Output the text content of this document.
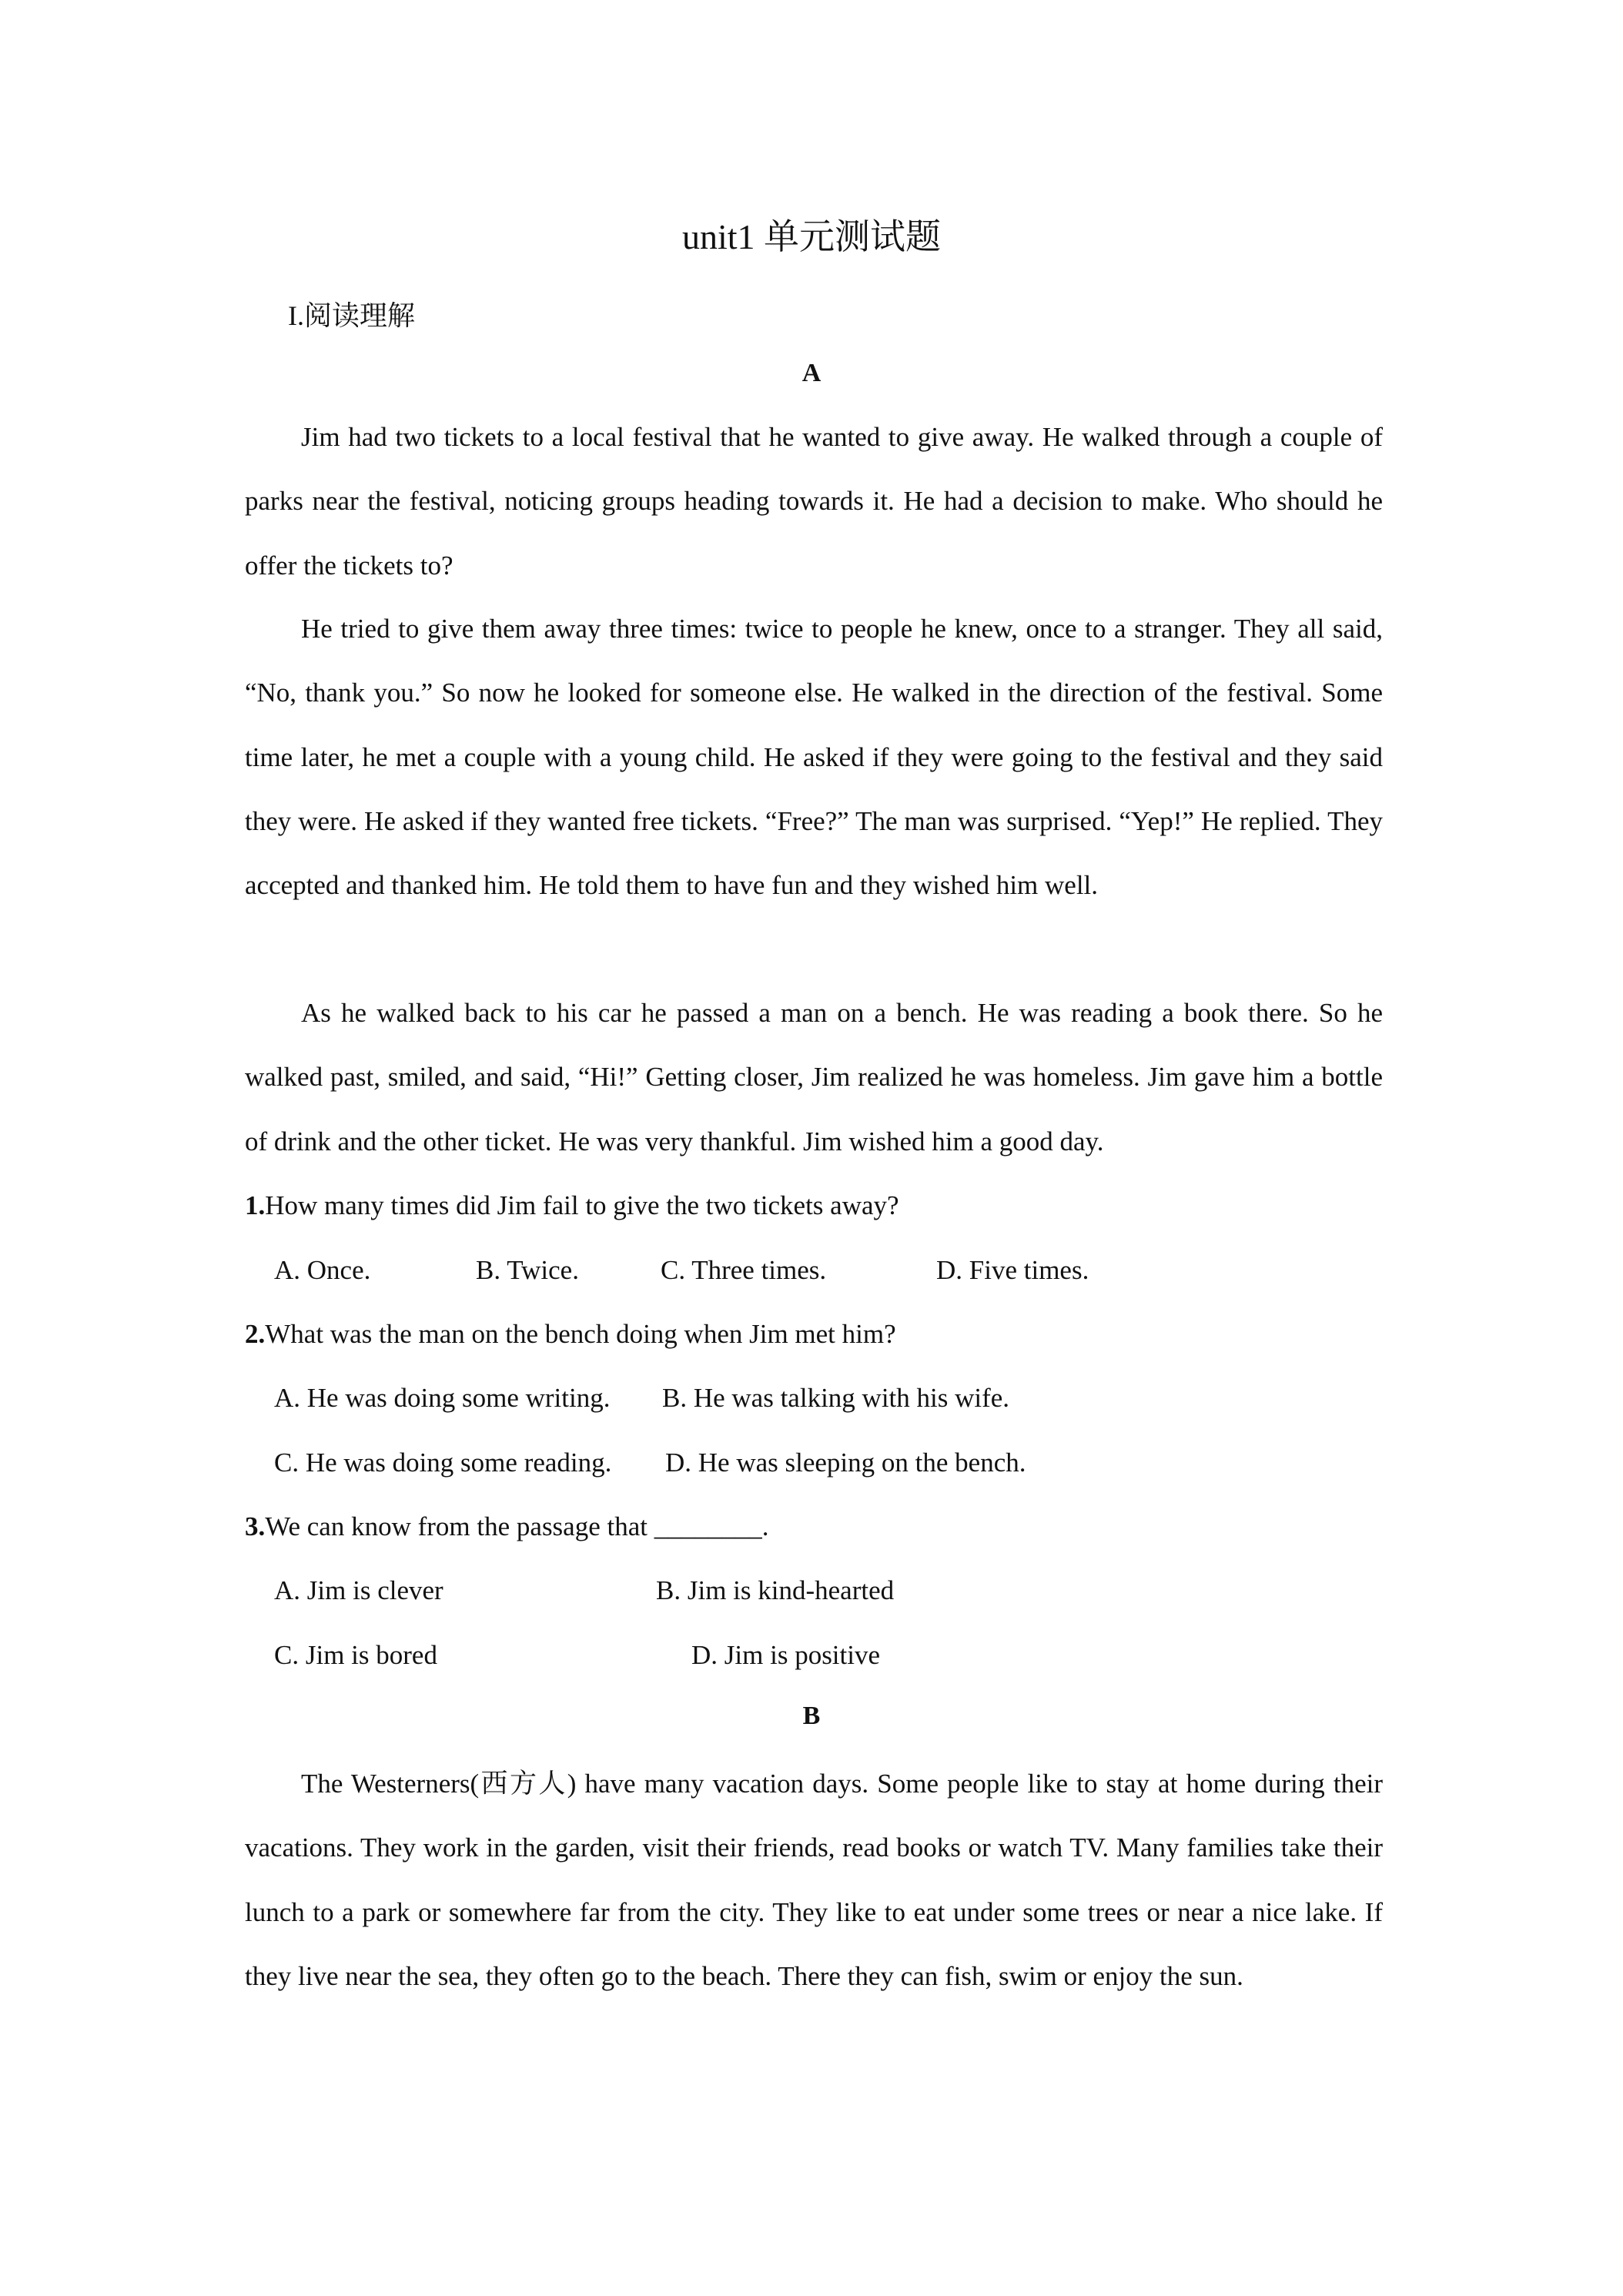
unit1 单元测试题
I.阅读理解
A

Jim had two tickets to a local festival that he wanted to give away. He walked through a couple of parks near the festival, noticing groups heading towards it. He had a decision to make. Who should he offer the tickets to?

He tried to give them away three times: twice to people he knew, once to a stranger. They all said, “No, thank you.” So now he looked for someone else. He walked in the direction of the festival. Some time later, he met a couple with a young child. He asked if they were going to the festival and they said they were. He asked if they wanted free tickets. “Free?” The man was surprised. “Yep!” He replied. They accepted and thanked him. He told them to have fun and they wished him well.

As he walked back to his car he passed a man on a bench. He was reading a book there. So he walked past, smiled, and said, “Hi!” Getting closer, Jim realized he was homeless. Jim gave him a bottle of drink and the other ticket. He was very thankful. Jim wished him a good day.

1.How many times did Jim fail to give the two tickets away?
A. Once.	B. Twice.	C. Three times.	D. Five times.
2.What was the man on the bench doing when Jim met him?
A. He was doing some writing. B. He was talking with his wife.
C. He was doing some reading. D. He was sleeping on the bench.
3.We can know from the passage that ________.
A. Jim is clever	B. Jim is kind-hearted
C. Jim is bored	D. Jim is positive
B

The Westerners(西方人) have many vacation days. Some people like to stay at home during their vacations. They work in the garden, visit their friends, read books or watch TV. Many families take their lunch to a park or somewhere far from the city. They like to eat under some trees or near a nice lake. If they live near the sea, they often go to the beach. There they can fish, swim or enjoy the sun.
